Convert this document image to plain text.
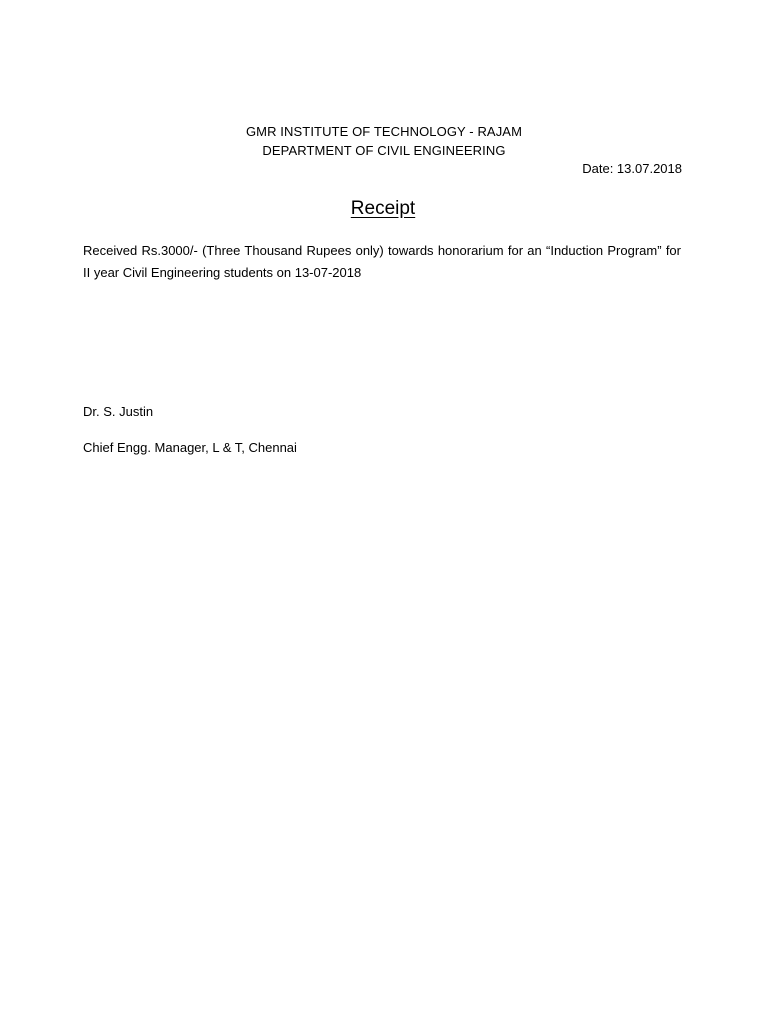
GMR INSTITUTE OF TECHNOLOGY - RAJAM
DEPARTMENT OF CIVIL ENGINEERING
Date: 13.07.2018
Receipt
Received Rs.3000/- (Three Thousand Rupees only) towards honorarium for an “Induction Program” for II year Civil Engineering students on 13-07-2018
Dr. S. Justin
Chief Engg. Manager, L & T, Chennai
